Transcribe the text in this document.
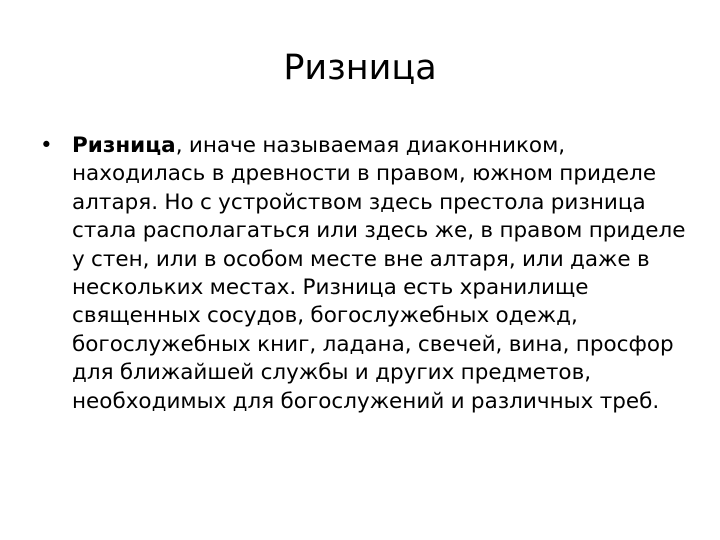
Ризница
• Ризница, иначе называемая диаконником, находилась в древности в правом, южном приделе алтаря. Но с устройством здесь престола ризница стала располагаться или здесь же, в правом приделе у стен, или в особом месте вне алтаря, или даже в нескольких местах. Ризница есть хранилище священных сосудов, богослужебных одежд, богослужебных книг, ладана, свечей, вина, просфор для ближайшей службы и других предметов, необходимых для богослужений и различных треб.
